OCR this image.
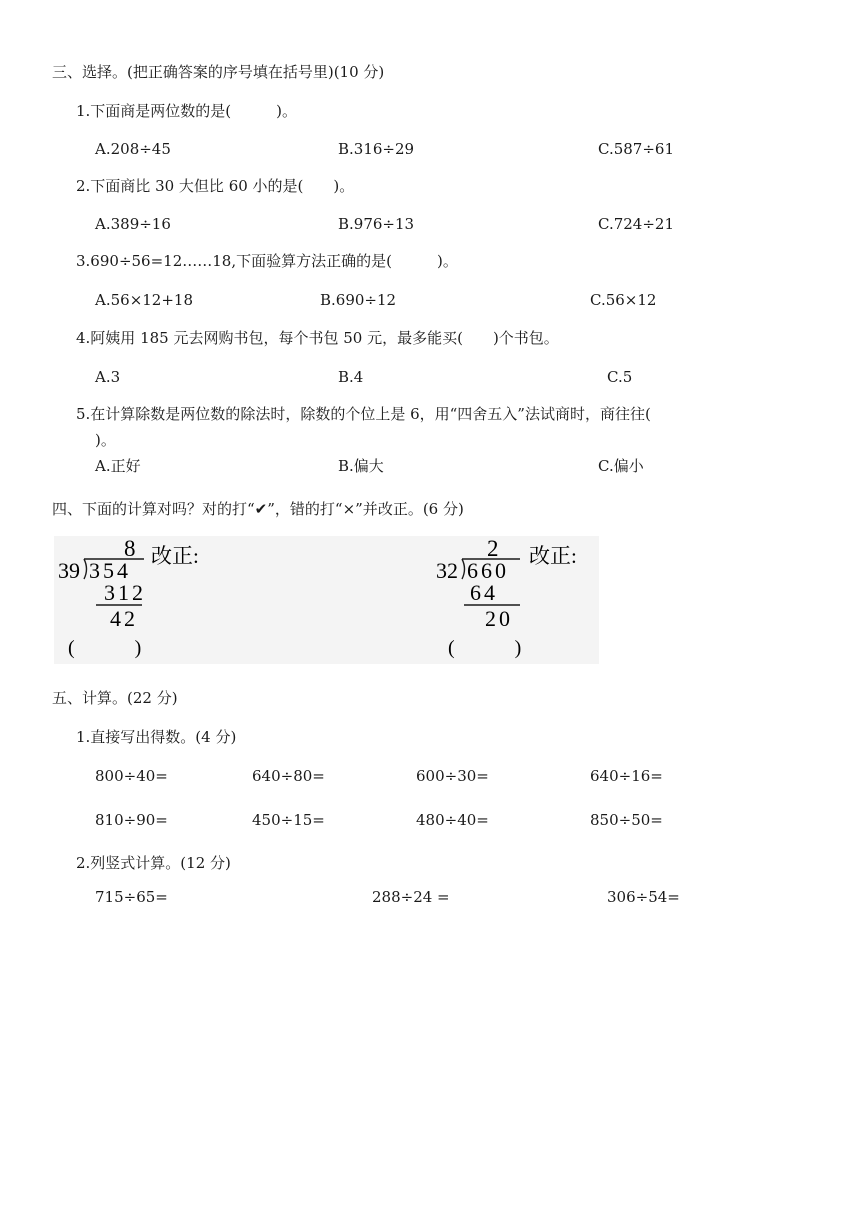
三、选择。(把正确答案的序号填在括号里)(10 分)
1.下面商是两位数的是(　　　)。
A.208÷45	B.316÷29	C.587÷61
2.下面商比 30 大但比 60 小的是(　　)。
A.389÷16	B.976÷13	C.724÷21
3.690÷56=12……18,下面验算方法正确的是(　　　)。
A.56×12+18	B.690÷12	C.56×12
4.阿姨用 185 元去网购书包，每个书包 50 元，最多能买(　　)个书包。
A.3	B.4	C.5
5.在计算除数是两位数的除法时，除数的个位上是 6，用“四舍五入”法试商时，商往往(
)。
A.正好	B.偏大	C.偏小
四、下面的计算对吗？对的打“✔”，错的打“×”并改正。(6 分)
8
39 354
312
42
改正:
(　　　)
2
32 660
64
20
改正:
(　　　)
五、计算。(22 分)
1.直接写出得数。(4 分)
800÷40=	640÷80=	600÷30=	640÷16=
810÷90=	450÷15=	480÷40=	850÷50=
2.列竖式计算。(12 分)
715÷65=	288÷24 =	306÷54=
